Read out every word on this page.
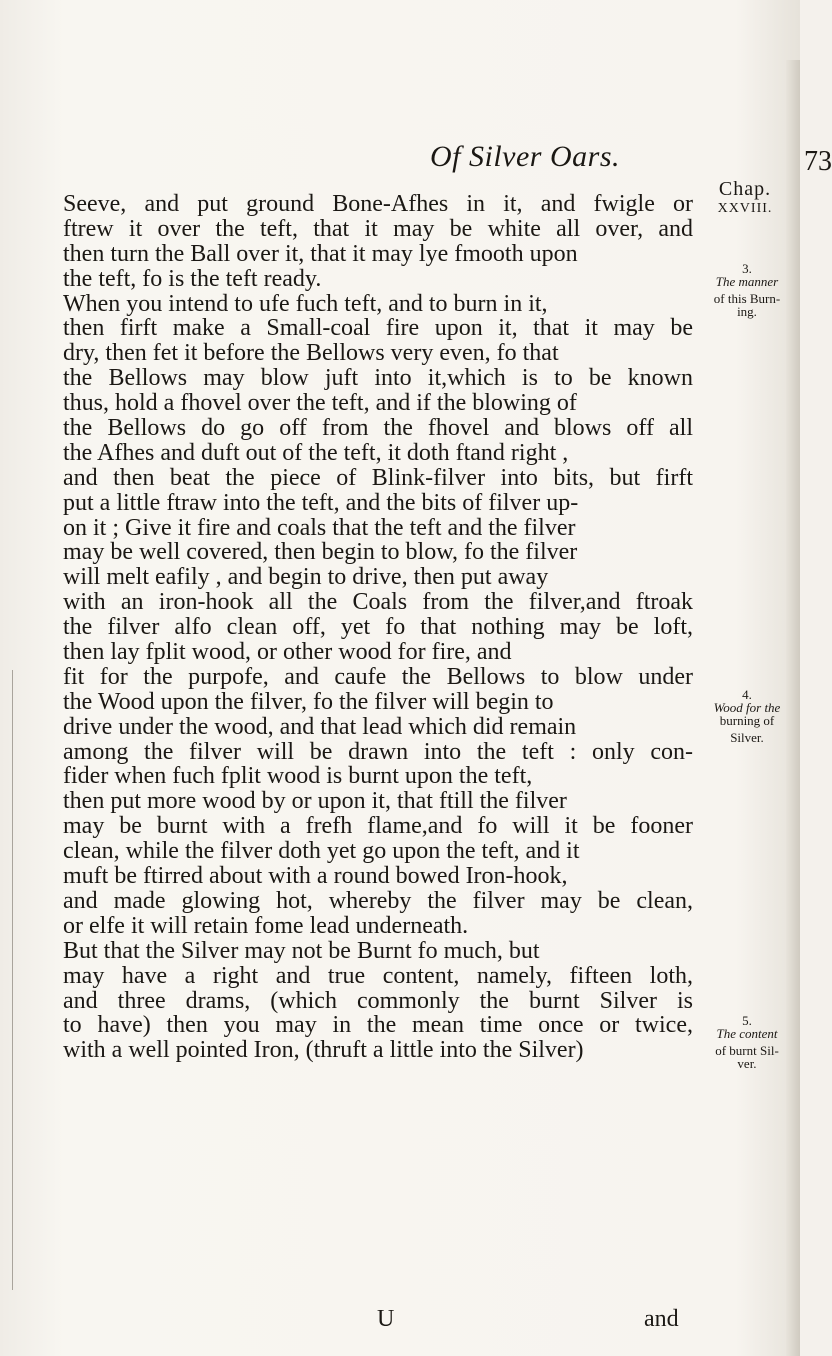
Of Silver Oars.	73
Seeve, and put ground Bone-Afhes in it, and fwigle or
ftrew it over the teft, that it may be white all over, and
then turn the Ball over it, that it may lye fmooth upon
the teft, fo is the teft ready.
When you intend to ufe fuch teft, and to burn in it,
then firft make a Small-coal fire upon it, that it may be
dry, then fet it before the Bellows very even, fo that
the Bellows may blow juft into it,which is to be known
thus, hold a fhovel over the teft, and if the blowing of
the Bellows do go off from the fhovel and blows off all
the Afhes and duft out of the teft, it doth ftand right ,
and then beat the piece of Blink-filver into bits, but firft
put a little ftraw into the teft, and the bits of filver up-
on it ; Give it fire and coals that the teft and the filver
may be well covered, then begin to blow, fo the filver
will melt eafily , and begin to drive, then put away
with an iron-hook all the Coals from the filver,and ftroak
the filver alfo clean off, yet fo that nothing may be loft,
then lay fplit wood, or other wood for fire, and
fit for the purpofe, and caufe the Bellows to blow under
the Wood upon the filver, fo the filver will begin to
drive under the wood, and that lead which did remain
among the filver will be drawn into the teft : only con-
fider when fuch fplit wood is burnt upon the teft,
then put more wood by or upon it, that ftill the filver
may be burnt with a frefh flame,and fo will it be fooner
clean, while the filver doth yet go upon the teft, and it
muft be ftirred about with a round bowed Iron-hook,
and made glowing hot, whereby the filver may be clean,
or elfe it will retain fome lead underneath.
But that the Silver may not be Burnt fo much, but
may have a right and true content, namely, fifteen loth,
and three drams, (which commonly the burnt Silver is
to have) then you may in the mean time once or twice,
with a well pointed Iron, (thruft a little into the Silver)
U	and
Chap.
XXVIII.
3.
The manner
of this Burn-
ing.
4.
Wood for the
burning of
Silver.
5.
The content
of burnt Sil-
ver.
